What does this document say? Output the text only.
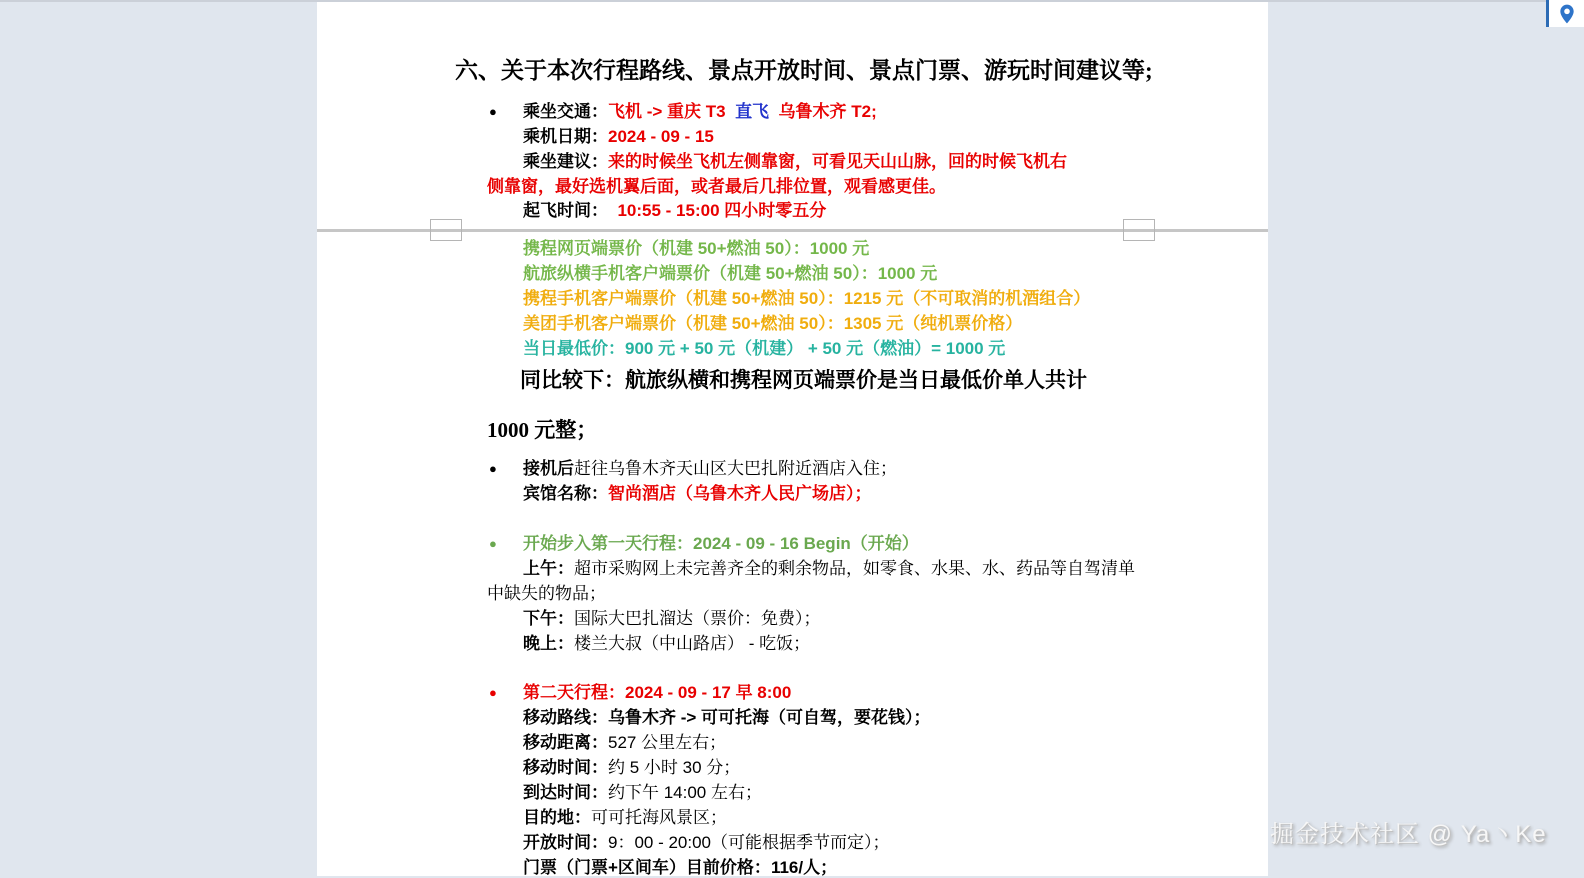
六、关于本次行程路线、景点开放时间、景点门票、游玩时间建议等;
● 乘坐交通：飞机 -> 重庆 T3 直飞 乌鲁木齐 T2;
乘机日期：2024 - 09 - 15
乘坐建议：来的时候坐飞机左侧靠窗，可看见天山山脉，回的时候飞机右
侧靠窗，最好选机翼后面，或者最后几排位置，观看感更佳。
起飞时间： 10:55 - 15:00 四小时零五分
携程网页端票价（机建 50+燃油 50）：1000 元
航旅纵横手机客户端票价（机建 50+燃油 50）：1000 元
携程手机客户端票价（机建 50+燃油 50）：1215 元（不可取消的机酒组合）
美团手机客户端票价（机建 50+燃油 50）：1305 元（纯机票价格）
当日最低价：900 元 + 50 元（机建） + 50 元（燃油）= 1000 元
同比较下：航旅纵横和携程网页端票价是当日最低价单人共计
1000 元整；
● 接机后赶往乌鲁木齐天山区大巴扎附近酒店入住；
宾馆名称：智尚酒店（乌鲁木齐人民广场店）；
● 开始步入第一天行程：2024 - 09 - 16 Begin（开始）
上午：超市采购网上未完善齐全的剩余物品，如零食、水果、水、药品等自驾清单
中缺失的物品；
下午：国际大巴扎溜达（票价：免费）；
晚上：楼兰大叔（中山路店） - 吃饭；
● 第二天行程：2024 - 09 - 17 早 8:00
移动路线：乌鲁木齐 -> 可可托海（可自驾，要花钱）；
移动距离：527 公里左右；
移动时间：约 5 小时 30 分；
到达时间：约下午 14:00 左右；
目的地：可可托海风景区；
开放时间：9：00 - 20:00（可能根据季节而定）；
门票（门票+区间车）目前价格：116/人；
掘金技术社区 @ Ya丶Ke
